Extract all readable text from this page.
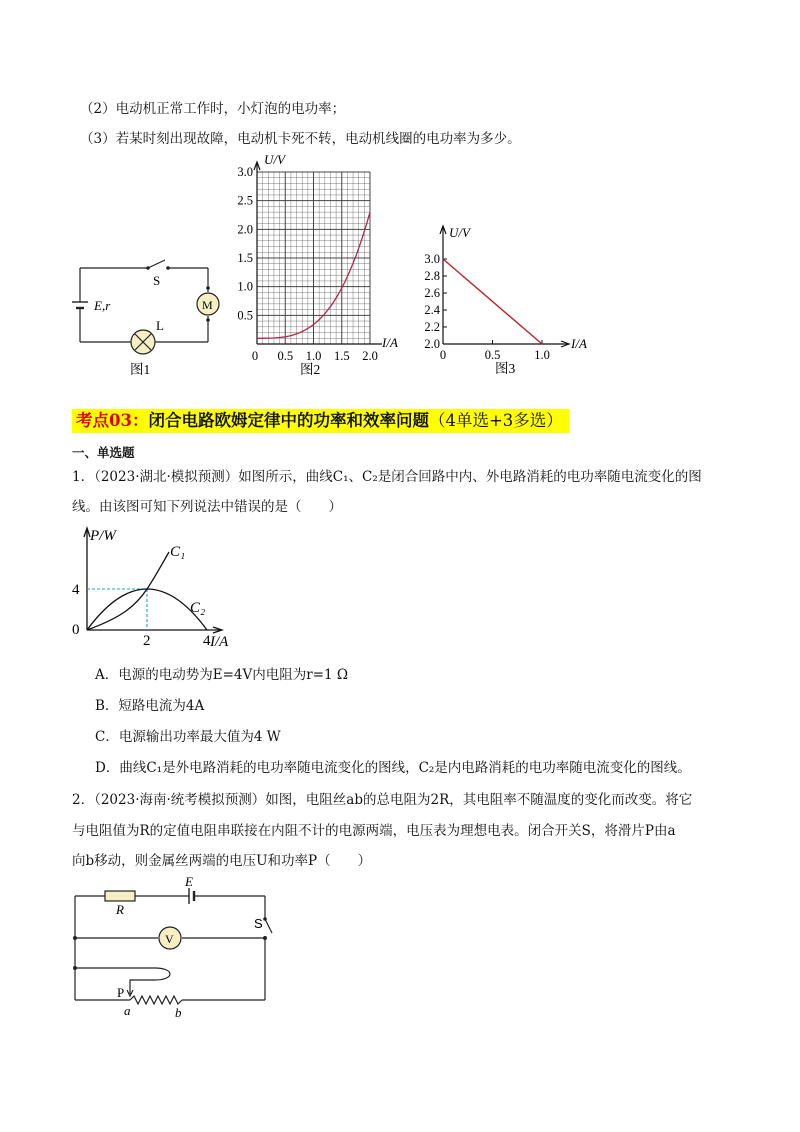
（2）电动机正常工作时，小灯泡的电功率；
（3）若某时刻出现故障，电动机卡死不转，电动机线圈的电功率为多少。
S
M
L
E,r
图1
U/V
I/A
3.0
2.5
2.0
1.5
1.0
0.5
0 0.5 1.0 1.5 2.0
图2
U/V
I/A
3.0
2.8
2.6
2.4
2.2
2.0
0	0.5	1.0
图3
考点03：闭合电路欧姆定律中的功率和效率问题（4单选+3多选）
一、单选题
1．（2023·湖北·模拟预测）如图所示，曲线C₁、C₂是闭合回路中内、外电路消耗的电功率随电流变化的图
线。由该图可知下列说法中错误的是（　　）
P/W
I/A
4
0
2	4
C₁
C₂
A．电源的电动势为E=4V内电阻为r=1 Ω
B．短路电流为4A
C．电源输出功率最大值为4 W
D．曲线C₁是外电路消耗的电功率随电流变化的图线，C₂是内电路消耗的电功率随电流变化的图线。
2．（2023·海南·统考模拟预测）如图，电阻丝ab的总电阻为2R，其电阻率不随温度的变化而改变。将它
与电阻值为R的定值电阻串联接在内阻不计的电源两端，电压表为理想电表。闭合开关S，将滑片P由a
向b移动，则金属丝两端的电压U和功率P（　　）
E
R
S
V
P
a	b
